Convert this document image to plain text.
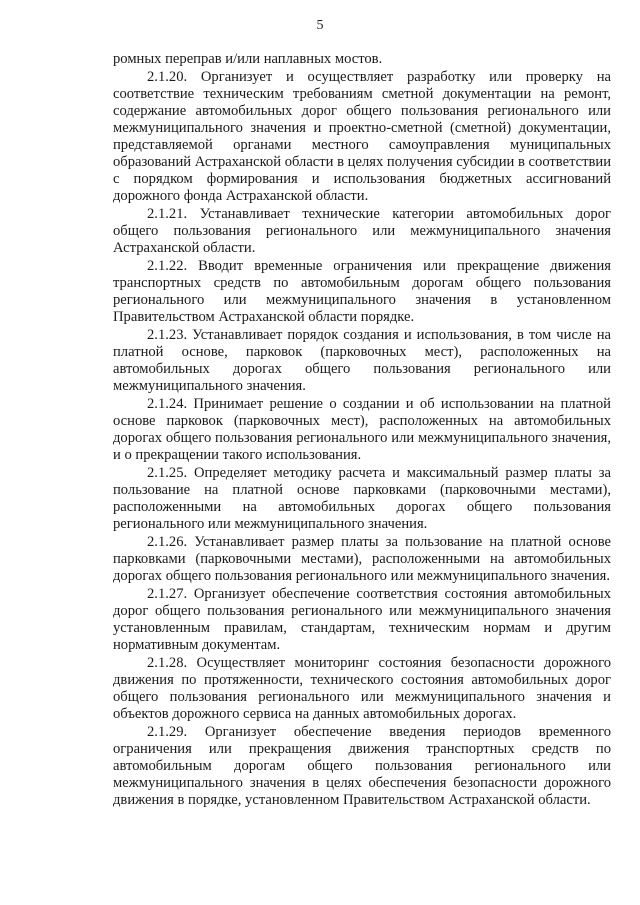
5

ромных переправ и/или наплавных мостов.

2.1.20. Организует и осуществляет разработку или проверку на соответствие техническим требованиям сметной документации на ремонт, содержание автомобильных дорог общего пользования регионального или межмуниципального значения и проектно-сметной (сметной) документации, представляемой органами местного самоуправления муниципальных образований Астраханской области в целях получения субсидии в соответствии с порядком формирования и использования бюджетных ассигнований дорожного фонда Астраханской области.

2.1.21. Устанавливает технические категории автомобильных дорог общего пользования регионального или межмуниципального значения Астраханской области.

2.1.22. Вводит временные ограничения или прекращение движения транспортных средств по автомобильным дорогам общего пользования регионального или межмуниципального значения в установленном Правительством Астраханской области порядке.

2.1.23. Устанавливает порядок создания и использования, в том числе на платной основе, парковок (парковочных мест), расположенных на автомобильных дорогах общего пользования регионального или межмуниципального значения.

2.1.24. Принимает решение о создании и об использовании на платной основе парковок (парковочных мест), расположенных на автомобильных дорогах общего пользования регионального или межмуниципального значения, и о прекращении такого использования.

2.1.25. Определяет методику расчета и максимальный размер платы за пользование на платной основе парковками (парковочными местами), расположенными на автомобильных дорогах общего пользования регионального или межмуниципального значения.

2.1.26. Устанавливает размер платы за пользование на платной основе парковками (парковочными местами), расположенными на автомобильных дорогах общего пользования регионального или межмуниципального значения.

2.1.27. Организует обеспечение соответствия состояния автомобильных дорог общего пользования регионального или межмуниципального значения установленным правилам, стандартам, техническим нормам и другим нормативным документам.

2.1.28. Осуществляет мониторинг состояния безопасности дорожного движения по протяженности, технического состояния автомобильных дорог общего пользования регионального или межмуниципального значения и объектов дорожного сервиса на данных автомобильных дорогах.

2.1.29. Организует обеспечение введения периодов временного ограничения или прекращения движения транспортных средств по автомобильным дорогам общего пользования регионального или межмуниципального значения в целях обеспечения безопасности дорожного движения в порядке, установленном Правительством Астраханской области.
